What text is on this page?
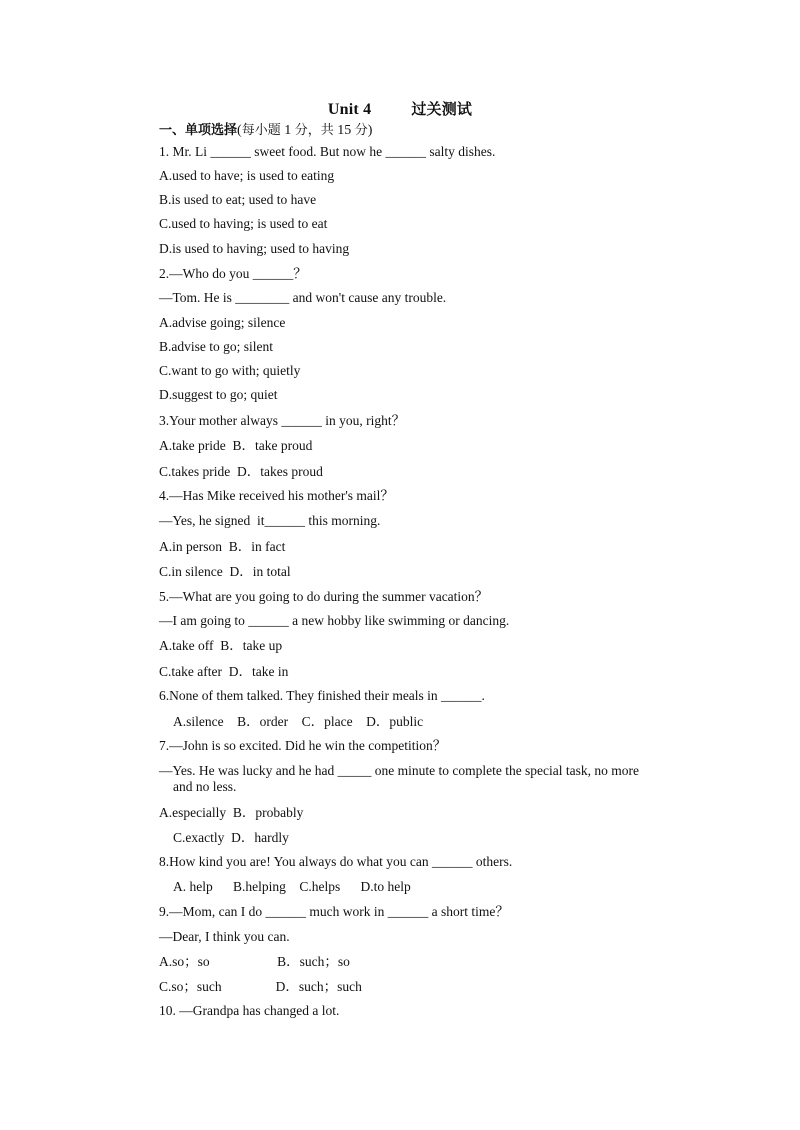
Unit 4	过关测试
一、单项选择(每小题 1 分，共 15 分)
1. Mr. Li ______ sweet food. But now he ______ salty dishes.
A.used to have; is used to eating
B.is used to eat; used to have
C.used to having; is used to eat
D.is used to having; used to having
2.—Who do you ______？
—Tom. He is ________ and won't cause any trouble.
A.advise going; silence
B.advise to go; silent
C.want to go with; quietly
D.suggest to go; quiet
3.Your mother always ______ in you, right？
A.take pride  B．take proud
C.takes pride  D．takes proud
4.—Has Mike received his mother's mail？
—Yes, he signed  it______ this morning.
A.in person  B．in fact
C.in silence  D．in total
5.—What are you going to do during the summer vacation？
—I am going to ______ a new hobby like swimming or dancing.
A.take off  B．take up
C.take after  D．take in
6.None of them talked. They finished their meals in ______.
A.silence    B．order    C．place    D．public
7.—John is so excited. Did he win the competition？
—Yes. He was lucky and he had _____ one minute to complete the special task, no more
and no less.
A.especially  B．probably
C.exactly  D．hardly
8.How kind you are! You always do what you can ______ others.
A. help      B.helping    C.helps      D.to help
9.—Mom, can I do ______ much work in ______ a short time？
—Dear, I think you can.
A.so；so                    B．such；so
C.so；such                D．such；such
10. —Grandpa has changed a lot.
